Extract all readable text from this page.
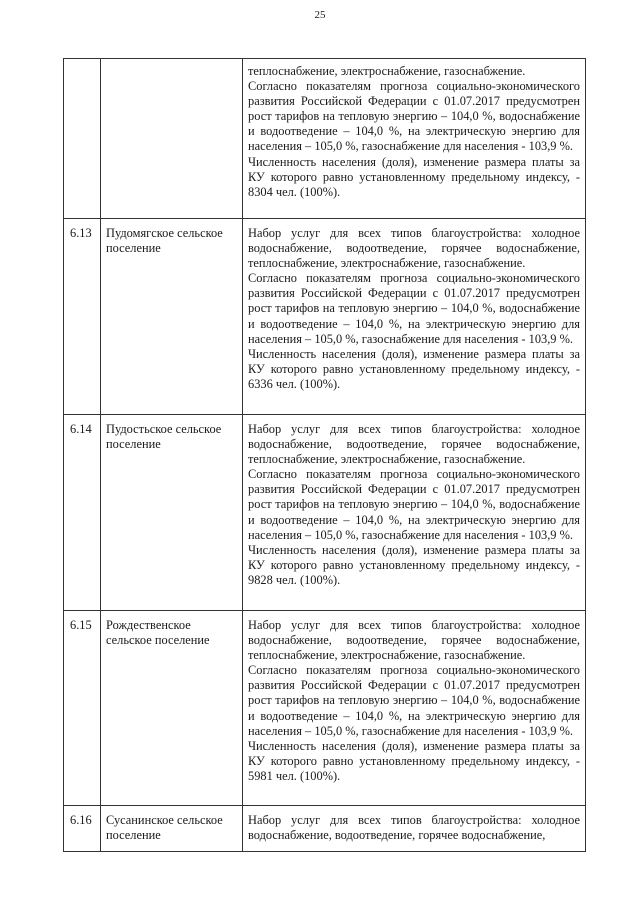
25

		теплоснабжение, электроснабжение, газоснабжение.

Согласно показателям прогноза социально-экономического развития Российской Федерации с 01.07.2017 предусмотрен рост тарифов на тепловую энергию – 104,0 %, водоснабжение и водоотведение – 104,0 %, на электрическую энергию для населения – 105,0 %, газоснабжение для населения - 103,9 %.

Численность населения (доля), изменение размера платы за КУ которого равно установленному предельному индексу, - 8304 чел. (100%).

6.13	Пудомягское сельское поселение	Набор услуг для всех типов благоустройства: холодное водоснабжение, водоотведение, горячее водоснабжение, теплоснабжение, электроснабжение, газоснабжение.

Согласно показателям прогноза социально-экономического развития Российской Федерации с 01.07.2017 предусмотрен рост тарифов на тепловую энергию – 104,0 %, водоснабжение и водоотведение – 104,0 %, на электрическую энергию для населения – 105,0 %, газоснабжение для населения - 103,9 %.

Численность населения (доля), изменение размера платы за КУ которого равно установленному предельному индексу, - 6336 чел. (100%).

6.14	Пудостьское сельское поселение	Набор услуг для всех типов благоустройства: холодное водоснабжение, водоотведение, горячее водоснабжение, теплоснабжение, электроснабжение, газоснабжение.

Согласно показателям прогноза социально-экономического развития Российской Федерации с 01.07.2017 предусмотрен рост тарифов на тепловую энергию – 104,0 %, водоснабжение и водоотведение – 104,0 %, на электрическую энергию для населения – 105,0 %, газоснабжение для населения - 103,9 %.

Численность населения (доля), изменение размера платы за КУ которого равно установленному предельному индексу, - 9828 чел. (100%).

6.15	Рождественское сельское поселение	Набор услуг для всех типов благоустройства: холодное водоснабжение, водоотведение, горячее водоснабжение, теплоснабжение, электроснабжение, газоснабжение.

Согласно показателям прогноза социально-экономического развития Российской Федерации с 01.07.2017 предусмотрен рост тарифов на тепловую энергию – 104,0 %, водоснабжение и водоотведение – 104,0 %, на электрическую энергию для населения – 105,0 %, газоснабжение для населения - 103,9 %.

Численность населения (доля), изменение размера платы за КУ которого равно установленному предельному индексу, - 5981 чел. (100%).

6.16	Сусанинское сельское поселение	Набор услуг для всех типов благоустройства: холодное водоснабжение, водоотведение, горячее водоснабжение,
